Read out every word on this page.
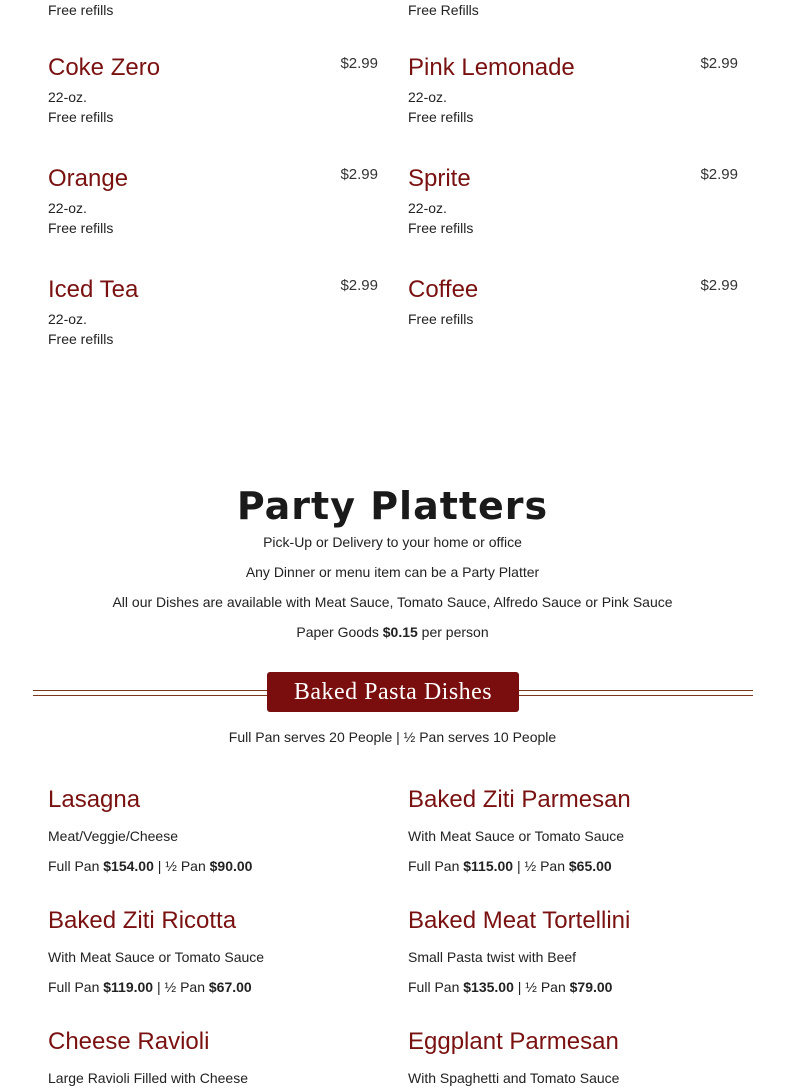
Free refills	Free Refills
Coke Zero	$2.99
22-oz.
Free refills
Orange	$2.99
22-oz.
Free refills
Iced Tea	$2.99
22-oz.
Free refills
Pink Lemonade	$2.99
22-oz.
Free refills
Sprite	$2.99
22-oz.
Free refills
Coffee	$2.99
Free refills
Party Platters
Pick-Up or Delivery to your home or office
Any Dinner or menu item can be a Party Platter
All our Dishes are available with Meat Sauce, Tomato Sauce, Alfredo Sauce or Pink Sauce
Paper Goods $0.15 per person
Baked Pasta Dishes
Full Pan serves 20 People | ½ Pan serves 10 People
Lasagna
Meat/Veggie/Cheese
Full Pan $154.00 | ½ Pan $90.00
Baked Ziti Ricotta
With Meat Sauce or Tomato Sauce
Full Pan $119.00 | ½ Pan $67.00
Cheese Ravioli
Large Ravioli Filled with Cheese
Baked Ziti Parmesan
With Meat Sauce or Tomato Sauce
Full Pan $115.00 | ½ Pan $65.00
Baked Meat Tortellini
Small Pasta twist with Beef
Full Pan $135.00 | ½ Pan $79.00
Eggplant Parmesan
With Spaghetti and Tomato Sauce
